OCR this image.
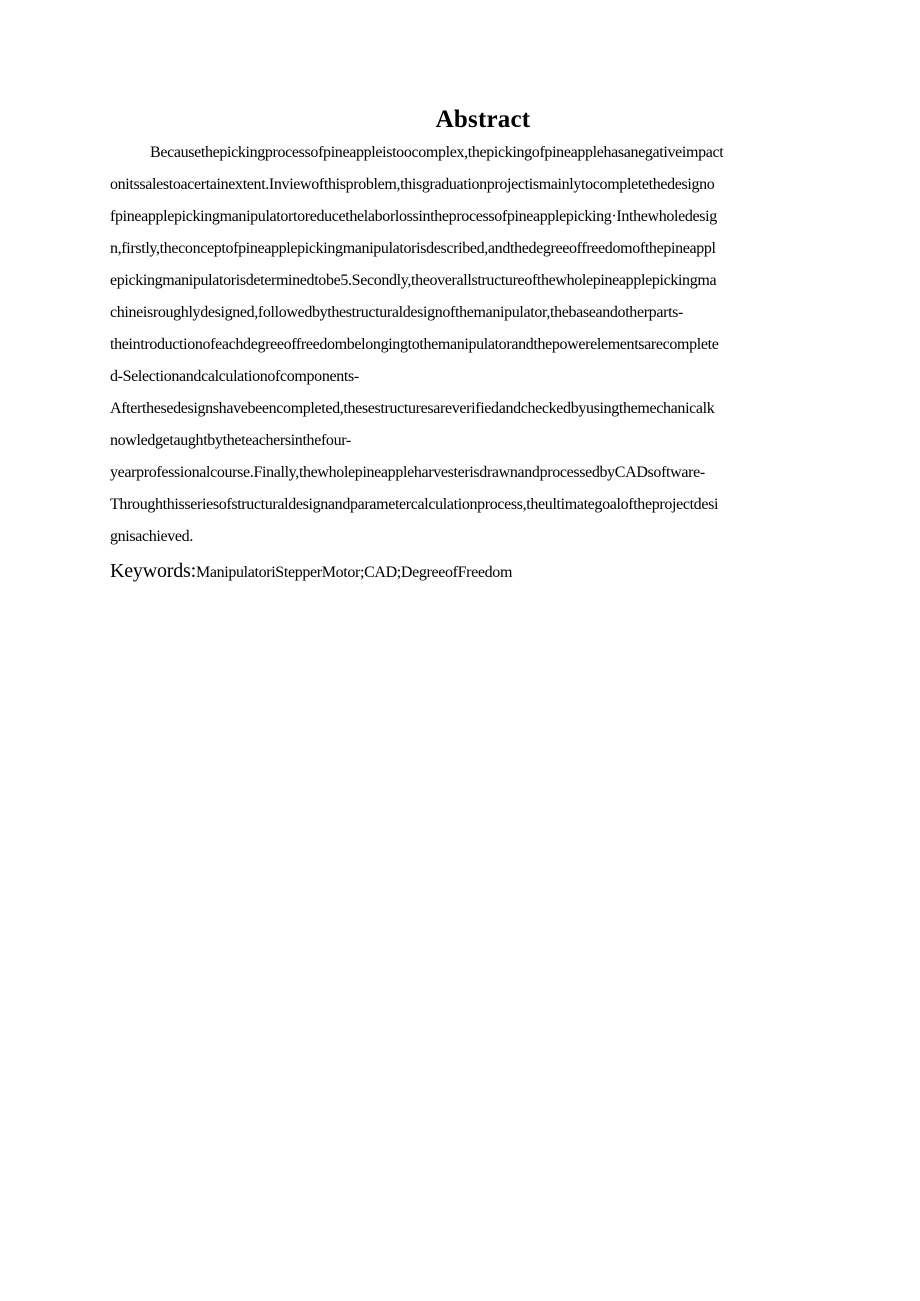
Abstract
Becausethepickingprocessofpineappleistoocomplex,thepickingofpineapplehasanegativeimpact
onitssalestoacertainextent.Inviewofthisproblem,thisgraduationprojectismainlytocompletethedesigno
fpineapplepickingmanipulatortoreducethelaborlossintheprocessofpineapplepicking·Inthewholedesig
n,firstly,theconceptofpineapplepickingmanipulatorisdescribed,andthedegreeoffreedomofthepineappl
epickingmanipulatorisdeterminedtobe5.Secondly,theoverallstructureofthewholepineapplepickingma
chineisroughlydesigned,followedbythestructuraldesignofthemanipulator,thebaseandotherparts-
theintroductionofeachdegreeoffreedombelongingtothemanipulatorandthepowerelementsarecomplete
d-Selectionandcalculationofcomponents-
Afterthesedesignshavebeencompleted,thesestructuresareverifiedandcheckedbyusingthemechanicalk
nowledgetaughtbytheteachersinthefour-
yearprofessionalcourse.Finally,thewholepineappleharvesterisdrawnandprocessedbyCADsoftware-
Throughthisseriesofstructuraldesignandparametercalculationprocess,theultimategoaloftheprojectdesi
gnisachieved.
Keywords:ManipulatoriStepperMotor;CAD;DegreeofFreedom
